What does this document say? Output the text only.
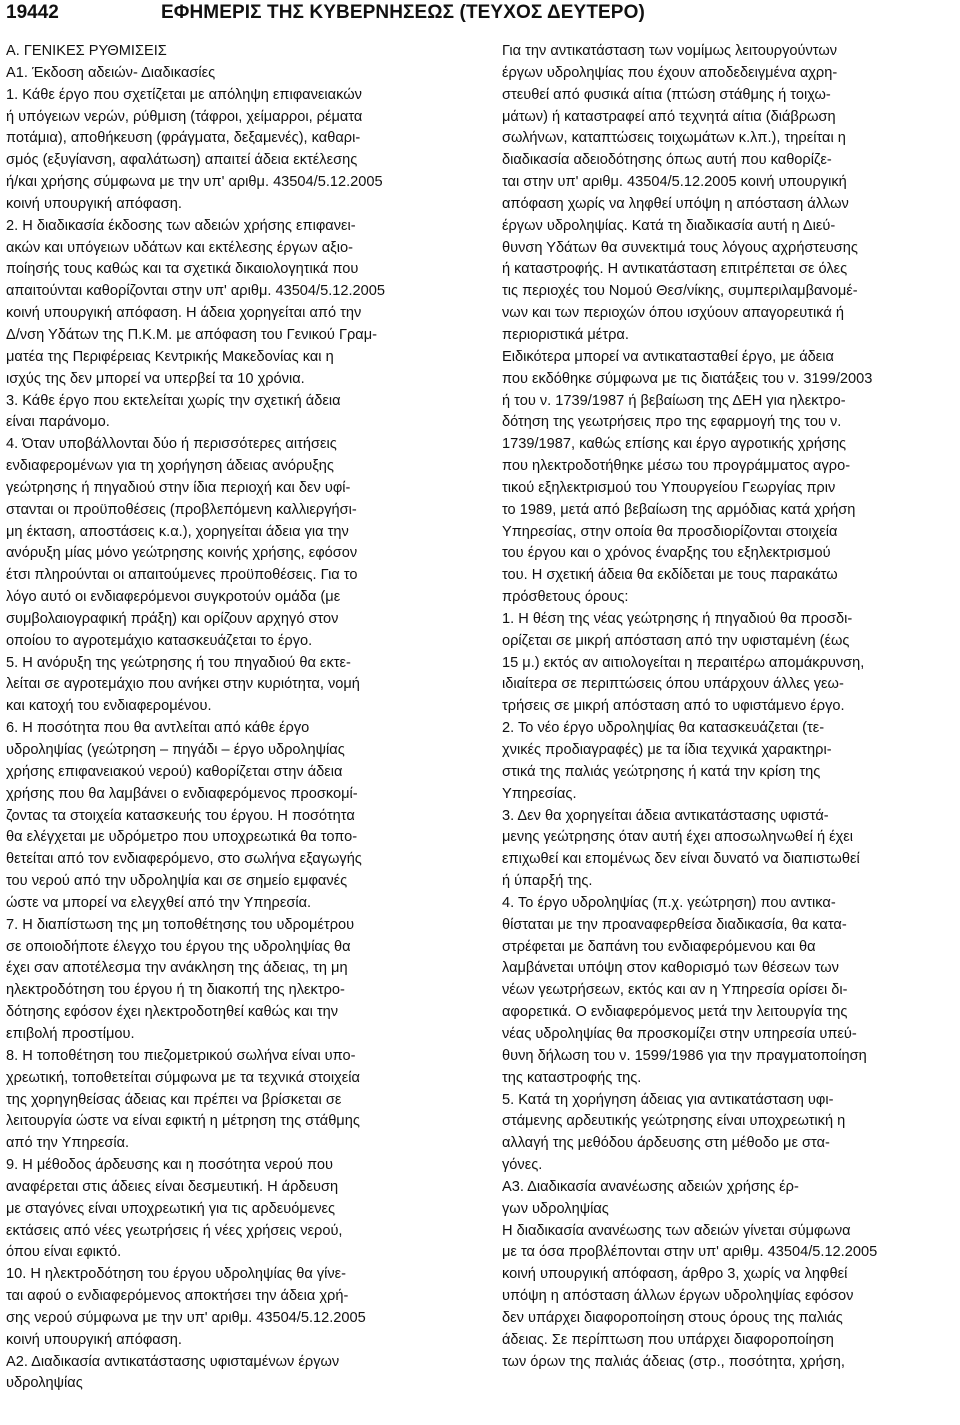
19442	ΕΦΗΜΕΡΙΣ ΤΗΣ ΚΥΒΕΡΝΗΣΕΩΣ (ΤΕΥΧΟΣ ΔΕΥΤΕΡΟ)

Α. ΓΕΝΙΚΕΣ ΡΥΘΜΙΣΕΙΣ

Α1. Έκδοση αδειών- Διαδικασίες

1. Κάθε έργο που σχετίζεται με απόληψη επιφανειακών

ή υπόγειων νερών, ρύθμιση (τάφροι, χείμαρροι, ρέματα

ποτάμια), αποθήκευση (φράγματα, δεξαμενές), καθαρι-

σμός (εξυγίανση, αφαλάτωση) απαιτεί άδεια εκτέλεσης

ή/και χρήσης σύμφωνα με την υπ' αριθμ. 43504/5.12.2005

κοινή υπουργική απόφαση.

2. Η διαδικασία έκδοσης των αδειών χρήσης επιφανει-

ακών και υπόγειων υδάτων και εκτέλεσης έργων αξιο-

ποίησής τους καθώς και τα σχετικά δικαιολογητικά που

απαιτούνται καθορίζονται στην υπ' αριθμ. 43504/5.12.2005

κοινή υπουργική απόφαση. Η άδεια χορηγείται από την

Δ/νση Υδάτων της Π.Κ.Μ. με απόφαση του Γενικού Γραμ-

ματέα της Περιφέρειας Κεντρικής Μακεδονίας και η

ισχύς της δεν μπορεί να υπερβεί τα 10 χρόνια.

3. Κάθε έργο που εκτελείται χωρίς την σχετική άδεια

είναι παράνομο.

4. Όταν υποβάλλονται δύο ή περισσότερες αιτήσεις

ενδιαφερομένων για τη χορήγηση άδειας ανόρυξης

γεώτρησης ή πηγαδιού στην ίδια περιοχή και δεν υφί-

στανται οι προϋποθέσεις (προβλεπόμενη καλλιεργήσι-

μη έκταση, αποστάσεις κ.α.), χορηγείται άδεια για την

ανόρυξη μίας μόνο γεώτρησης κοινής χρήσης, εφόσον

έτσι πληρούνται οι απαιτούμενες προϋποθέσεις. Για το

λόγο αυτό οι ενδιαφερόμενοι συγκροτούν ομάδα (με

συμβολαιογραφική πράξη) και ορίζουν αρχηγό στον

οποίου το αγροτεμάχιο κατασκευάζεται το έργο.

5. Η ανόρυξη της γεώτρησης ή του πηγαδιού θα εκτε-

λείται σε αγροτεμάχιο που ανήκει στην κυριότητα, νομή

και κατοχή του ενδιαφερομένου.

6. Η ποσότητα που θα αντλείται από κάθε έργο

υδροληψίας (γεώτρηση – πηγάδι – έργο υδροληψίας

χρήσης επιφανειακού νερού) καθορίζεται στην άδεια

χρήσης που θα λαμβάνει ο ενδιαφερόμενος προσκομί-

ζοντας τα στοιχεία κατασκευής του έργου. Η ποσότητα

θα ελέγχεται με υδρόμετρο που υποχρεωτικά θα τοπο-

θετείται από τον ενδιαφερόμενο, στο σωλήνα εξαγωγής

του νερού από την υδροληψία και σε σημείο εμφανές

ώστε να μπορεί να ελεγχθεί από την Υπηρεσία.

7. Η διαπίστωση της μη τοποθέτησης του υδρομέτρου

σε οποιοδήποτε έλεγχο του έργου της υδροληψίας θα

έχει σαν αποτέλεσμα την ανάκληση της άδειας, τη μη

ηλεκτροδότηση του έργου ή τη διακοπή της ηλεκτρο-

δότησης εφόσον έχει ηλεκτροδοτηθεί καθώς και την

επιβολή προστίμου.

8. Η τοποθέτηση του πιεζομετρικού σωλήνα είναι υπο-

χρεωτική, τοποθετείται σύμφωνα με τα τεχνικά στοιχεία

της χορηγηθείσας άδειας και πρέπει να βρίσκεται σε

λειτουργία ώστε να είναι εφικτή η μέτρηση της στάθμης

από την Υπηρεσία.

9. Η μέθοδος άρδευσης και η ποσότητα νερού που

αναφέρεται στις άδειες είναι δεσμευτική. Η άρδευση

με σταγόνες είναι υποχρεωτική για τις αρδευόμενες

εκτάσεις από νέες γεωτρήσεις ή νέες χρήσεις νερού,

όπου είναι εφικτό.

10. Η ηλεκτροδότηση του έργου υδροληψίας θα γίνε-

ται αφού ο ενδιαφερόμενος αποκτήσει την άδεια χρή-

σης νερού σύμφωνα με την υπ' αριθμ. 43504/5.12.2005

κοινή υπουργική απόφαση.

Α2. Διαδικασία αντικατάστασης υφισταμένων έργων

υδροληψίας

Για την αντικατάσταση των νομίμως λειτουργούντων

έργων υδροληψίας που έχουν αποδεδειγμένα αχρη-

στευθεί από φυσικά αίτια (πτώση στάθμης ή τοιχω-

μάτων) ή καταστραφεί από τεχνητά αίτια (διάβρωση

σωλήνων, καταπτώσεις τοιχωμάτων κ.λπ.), τηρείται η

διαδικασία αδειοδότησης όπως αυτή που καθορίζε-

ται στην υπ' αριθμ. 43504/5.12.2005 κοινή υπουργική

απόφαση χωρίς να ληφθεί υπόψη η απόσταση άλλων

έργων υδροληψίας. Κατά τη διαδικασία αυτή η Διεύ-

θυνση Υδάτων θα συνεκτιμά τους λόγους αχρήστευσης

ή καταστροφής. Η αντικατάσταση επιτρέπεται σε όλες

τις περιοχές του Νομού Θεσ/νίκης, συμπεριλαμβανομέ-

νων και των περιοχών όπου ισχύουν απαγορευτικά ή

περιοριστικά μέτρα.

Ειδικότερα μπορεί να αντικατασταθεί έργο, με άδεια

που εκδόθηκε σύμφωνα με τις διατάξεις του ν. 3199/2003

ή του ν. 1739/1987 ή βεβαίωση της ΔΕΗ για ηλεκτρο-

δότηση της γεωτρήσεις προ της εφαρμογή της του ν.

1739/1987, καθώς επίσης και έργο αγροτικής χρήσης

που ηλεκτροδοτήθηκε μέσω του προγράμματος αγρο-

τικού εξηλεκτρισμού του Υπουργείου Γεωργίας πριν

το 1989, μετά από βεβαίωση της αρμόδιας κατά χρήση

Υπηρεσίας, στην οποία θα προσδιορίζονται στοιχεία

του έργου και ο χρόνος έναρξης του εξηλεκτρισμού

του. Η σχετική άδεια θα εκδίδεται με τους παρακάτω

πρόσθετους όρους:

1. Η θέση της νέας γεώτρησης ή πηγαδιού θα προσδι-

ορίζεται σε μικρή απόσταση από την υφισταμένη (έως

15 μ.) εκτός αν αιτιολογείται η περαιτέρω απομάκρυνση,

ιδιαίτερα σε περιπτώσεις όπου υπάρχουν άλλες γεω-

τρήσεις σε μικρή απόσταση από το υφιστάμενο έργο.

2. Το νέο έργο υδροληψίας θα κατασκευάζεται (τε-

χνικές προδιαγραφές) με τα ίδια τεχνικά χαρακτηρι-

στικά της παλιάς γεώτρησης ή κατά την κρίση της

Υπηρεσίας.

3. Δεν θα χορηγείται άδεια αντικατάστασης υφιστά-

μενης γεώτρησης όταν αυτή έχει αποσωληνωθεί ή έχει

επιχωθεί και επομένως δεν είναι δυνατό να διαπιστωθεί

ή ύπαρξή της.

4. Το έργο υδροληψίας (π.χ. γεώτρηση) που αντικα-

θίσταται με την προαναφερθείσα διαδικασία, θα κατα-

στρέφεται με δαπάνη του ενδιαφερόμενου και θα

λαμβάνεται υπόψη στον καθορισμό των θέσεων των

νέων γεωτρήσεων, εκτός και αν η Υπηρεσία ορίσει δι-

αφορετικά. Ο ενδιαφερόμενος μετά την λειτουργία της

νέας υδροληψίας θα προσκομίζει στην υπηρεσία υπεύ-

θυνη δήλωση του ν. 1599/1986 για την πραγματοποίηση

της καταστροφής της.

5. Κατά τη χορήγηση άδειας για αντικατάσταση υφι-

στάμενης αρδευτικής γεώτρησης είναι υποχρεωτική η

αλλαγή της μεθόδου άρδευσης στη μέθοδο με στα-

γόνες.

Α3. Διαδικασία ανανέωσης αδειών χρήσης έρ-

γων υδροληψίας

Η διαδικασία ανανέωσης των αδειών γίνεται σύμφωνα

με τα όσα προβλέπονται στην υπ' αριθμ. 43504/5.12.2005

κοινή υπουργική απόφαση, άρθρο 3, χωρίς να ληφθεί

υπόψη η απόσταση άλλων έργων υδροληψίας εφόσον

δεν υπάρχει διαφοροποίηση στους όρους της παλιάς

άδειας. Σε περίπτωση που υπάρχει διαφοροποίηση

των όρων της παλιάς άδειας (στρ., ποσότητα, χρήση,
